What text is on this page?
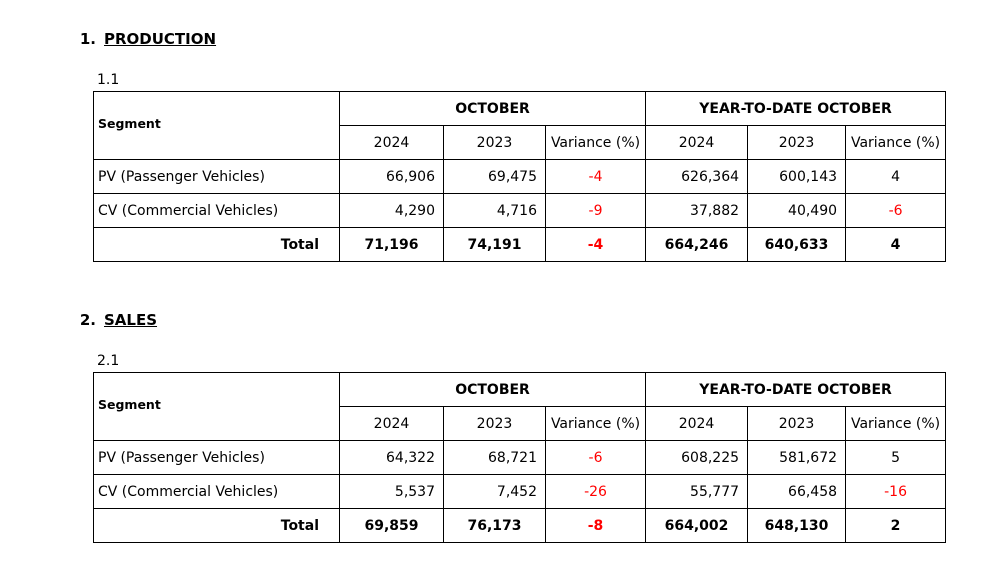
1. PRODUCTION
1.1
Segment	OCTOBER			YEAR-TO-DATE OCTOBER		
	2024	2023	Variance (%)	2024	2023	Variance (%)
PV (Passenger Vehicles)	66,906	69,475	-4	626,364	600,143	4
CV (Commercial Vehicles)	4,290	4,716	-9	37,882	40,490	-6
Total	71,196	74,191	-4	664,246	640,633	4
2. SALES
2.1
Segment	OCTOBER			YEAR-TO-DATE OCTOBER		
	2024	2023	Variance (%)	2024	2023	Variance (%)
PV (Passenger Vehicles)	64,322	68,721	-6	608,225	581,672	5
CV (Commercial Vehicles)	5,537	7,452	-26	55,777	66,458	-16
Total	69,859	76,173	-8	664,002	648,130	2
